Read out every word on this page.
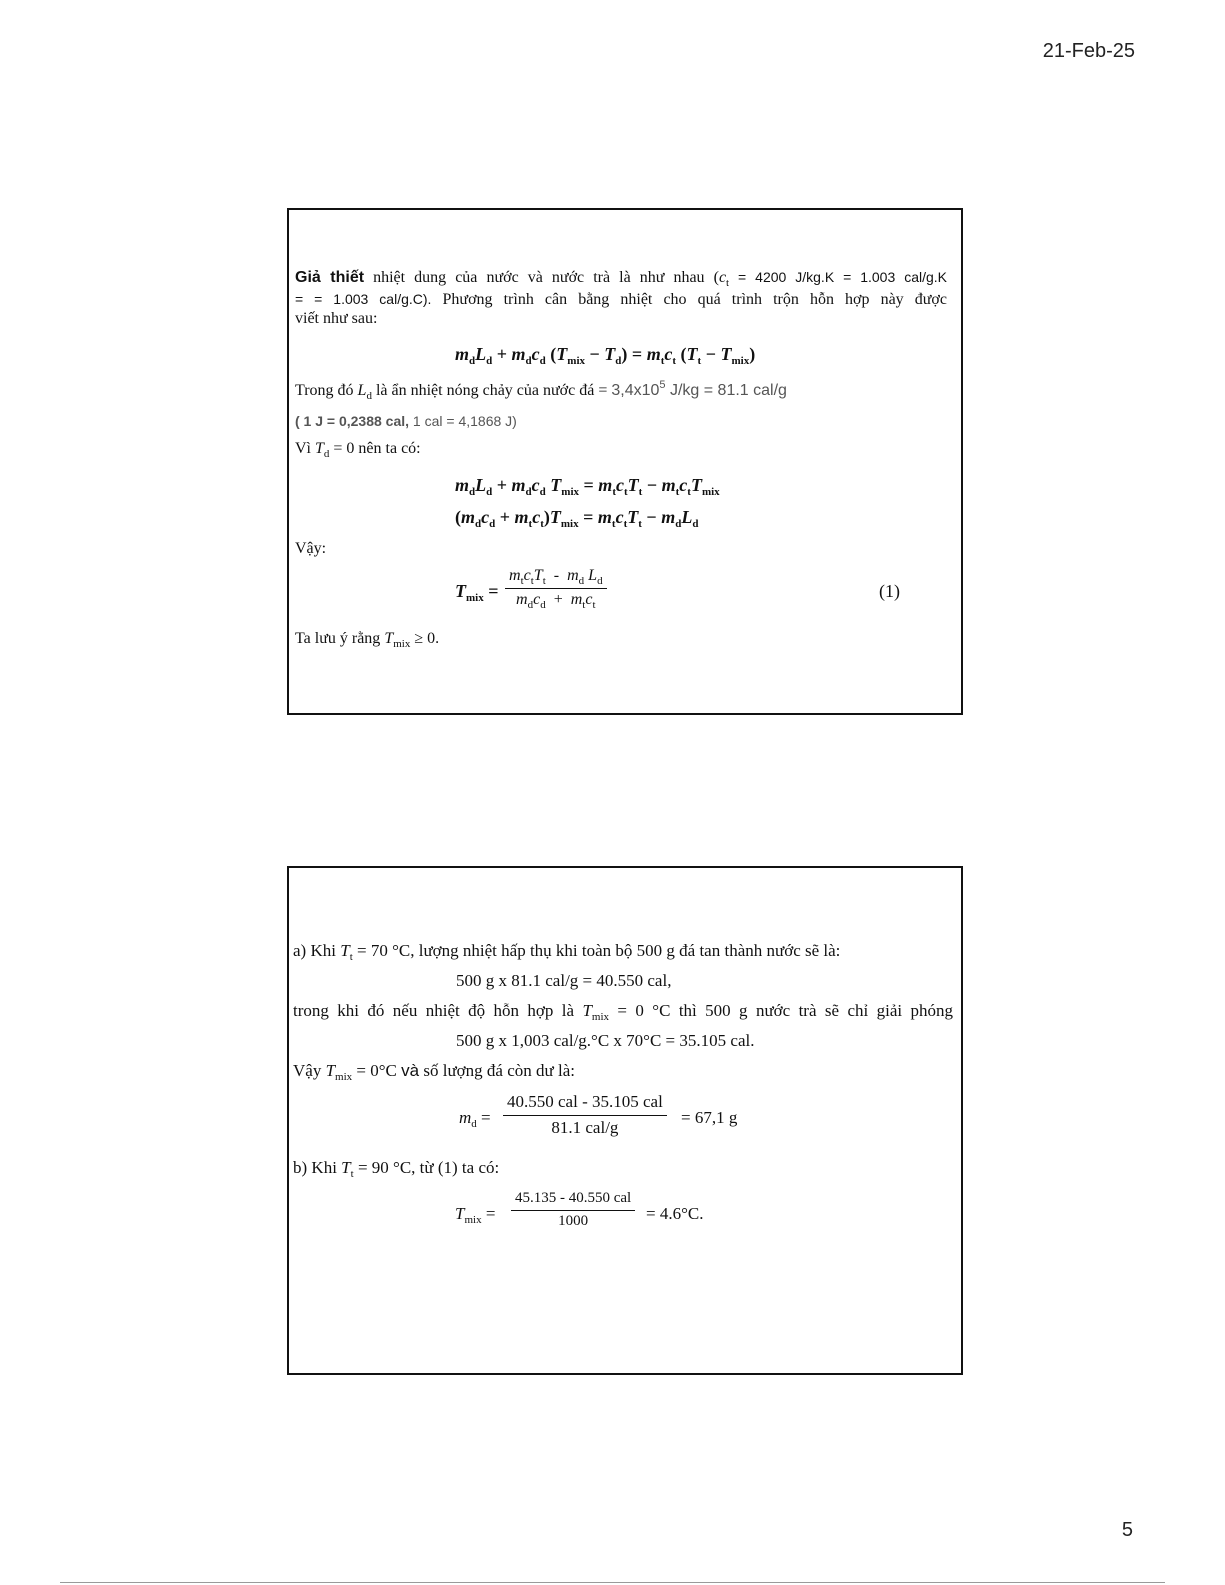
21-Feb-25
Giả thiết nhiệt dung của nước và nước trà là như nhau ($c_t = 4200$ J/kg.K = 1.003 cal/g.K
= = 1.003 cal/g.C). Phương trình cân bằng nhiệt cho quá trình trộn hỗn hợp này được
viết như sau:
$m_dL_d + m_dc_d$ $(T_{mix} - T_d) = m_tc_t$ $(T_t - T_{mix})$
Trong đó $L_d$ là ẩn nhiệt nóng chảy của nước đá = $3,4x10^5$ J/kg = 81.1 cal/g
( 1 J = 0,2388 cal, 1 cal = 4,1868 J)
Vì $T_d = 0$ nên ta có:
$m_dL_d + m_dc_d$ $T_{mix} = m_tc_tT_t - m_tc_tT_{mix}$
$(m_dc_d + m_tc_t)T_{mix} = m_tc_tT_t - m_dL_d$
Vậy:
$T_{mix}$ =
$m_tc_tT_t - m_d$ $L_d$
$m_dc_d + m_tc_t$
(1)
Ta lưu ý rằng $T_{mix} \ge 0$.
a) Khi $T_t = 70$ °C, lượng nhiệt hấp thụ khi toàn bộ 500 g đá tan thành nước sẽ là:
500 g x 81.1 cal/g = 40.550 cal,
trong khi đó nếu nhiệt độ hỗn hợp là $T_{mix} = 0$ °C thì 500 g nước trà sẽ chỉ giải phóng
500 g x 1,003 cal/g.°C x 70°C = 35.105 cal.
Vậy $T_{mix} = 0^\circ C$ và số lượng đá còn dư là:
$m_d$ =
40.550 cal - 35.105 cal
81.1 cal/g
= 67,1 g
b) Khi $T_t = 90$ °C, từ (1) ta có:
$T_{mix}$ =
45.135 - 40.550 cal
1000	= 4.6°C.
5
